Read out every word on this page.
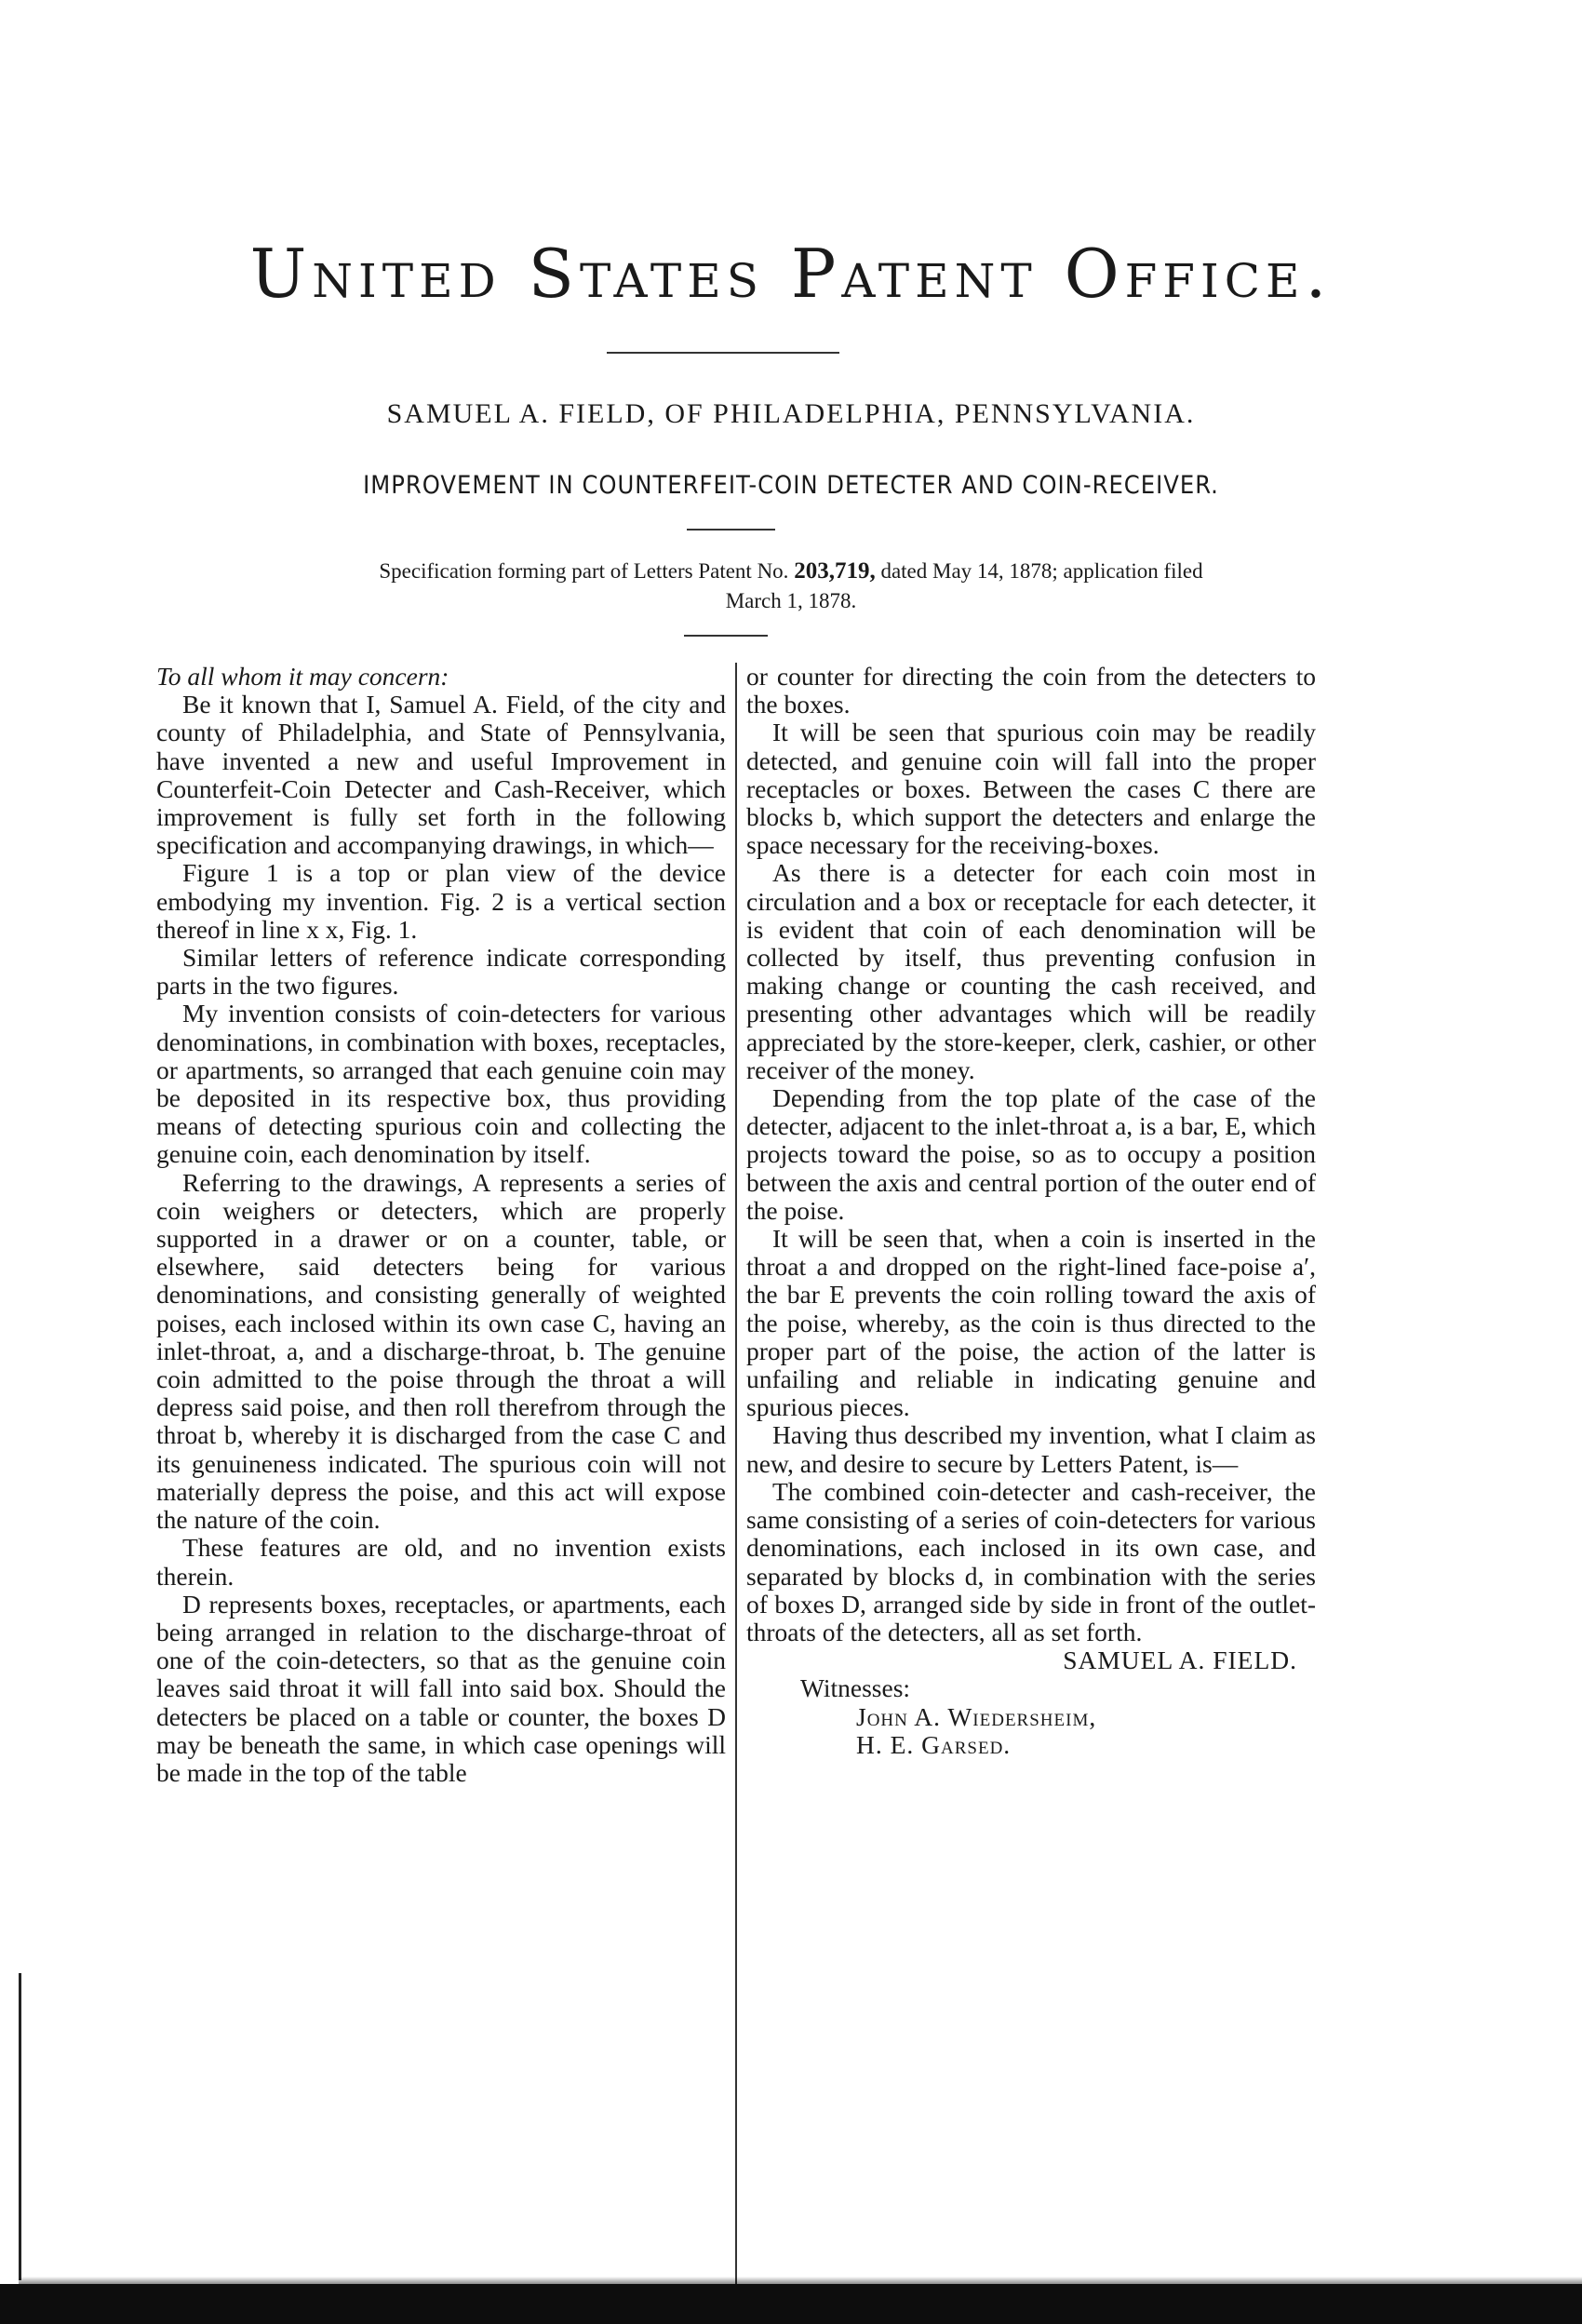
United States Patent Office.
SAMUEL A. FIELD, OF PHILADELPHIA, PENNSYLVANIA.
IMPROVEMENT IN COUNTERFEIT-COIN DETECTER AND COIN-RECEIVER.
Specification forming part of Letters Patent No. 203,719, dated May 14, 1878; application filed
March 1, 1878.

To all whom it may concern:

Be it known that I, Samuel A. Field, of the city and county of Philadelphia, and State of Pennsylvania, have invented a new and useful Improvement in Counterfeit-Coin Detecter and Cash-Receiver, which improvement is fully set forth in the following specification and accompanying drawings, in which—

Figure 1 is a top or plan view of the device embodying my invention. Fig. 2 is a vertical section thereof in line x x, Fig. 1.

Similar letters of reference indicate corresponding parts in the two figures.

My invention consists of coin-detecters for various denominations, in combination with boxes, receptacles, or apartments, so arranged that each genuine coin may be deposited in its respective box, thus providing means of detecting spurious coin and collecting the genuine coin, each denomination by itself.

Referring to the drawings, A represents a series of coin weighers or detecters, which are properly supported in a drawer or on a counter, table, or elsewhere, said detecters being for various denominations, and consisting generally of weighted poises, each inclosed within its own case C, having an inlet-throat, a, and a discharge-throat, b. The genuine coin admitted to the poise through the throat a will depress said poise, and then roll therefrom through the throat b, whereby it is discharged from the case C and its genuineness indicated. The spurious coin will not materially depress the poise, and this act will expose the nature of the coin.

These features are old, and no invention exists therein.

D represents boxes, receptacles, or apartments, each being arranged in relation to the discharge-throat of one of the coin-detecters, so that as the genuine coin leaves said throat it will fall into said box. Should the detecters be placed on a table or counter, the boxes D may be beneath the same, in which case openings will be made in the top of the table

or counter for directing the coin from the detecters to the boxes.

It will be seen that spurious coin may be readily detected, and genuine coin will fall into the proper receptacles or boxes. Between the cases C there are blocks b, which support the detecters and enlarge the space necessary for the receiving-boxes.

As there is a detecter for each coin most in circulation and a box or receptacle for each detecter, it is evident that coin of each denomination will be collected by itself, thus preventing confusion in making change or counting the cash received, and presenting other advantages which will be readily appreciated by the store-keeper, clerk, cashier, or other receiver of the money.

Depending from the top plate of the case of the detecter, adjacent to the inlet-throat a, is a bar, E, which projects toward the poise, so as to occupy a position between the axis and central portion of the outer end of the poise.

It will be seen that, when a coin is inserted in the throat a and dropped on the right-lined face-poise a′, the bar E prevents the coin rolling toward the axis of the poise, whereby, as the coin is thus directed to the proper part of the poise, the action of the latter is unfailing and reliable in indicating genuine and spurious pieces.

Having thus described my invention, what I claim as new, and desire to secure by Letters Patent, is—

The combined coin-detecter and cash-receiver, the same consisting of a series of coin-detecters for various denominations, each inclosed in its own case, and separated by blocks d, in combination with the series of boxes D, arranged side by side in front of the outlet-throats of the detecters, all as set forth.

SAMUEL A. FIELD.

Witnesses:

John A. Wiedersheim,

H. E. Garsed.
